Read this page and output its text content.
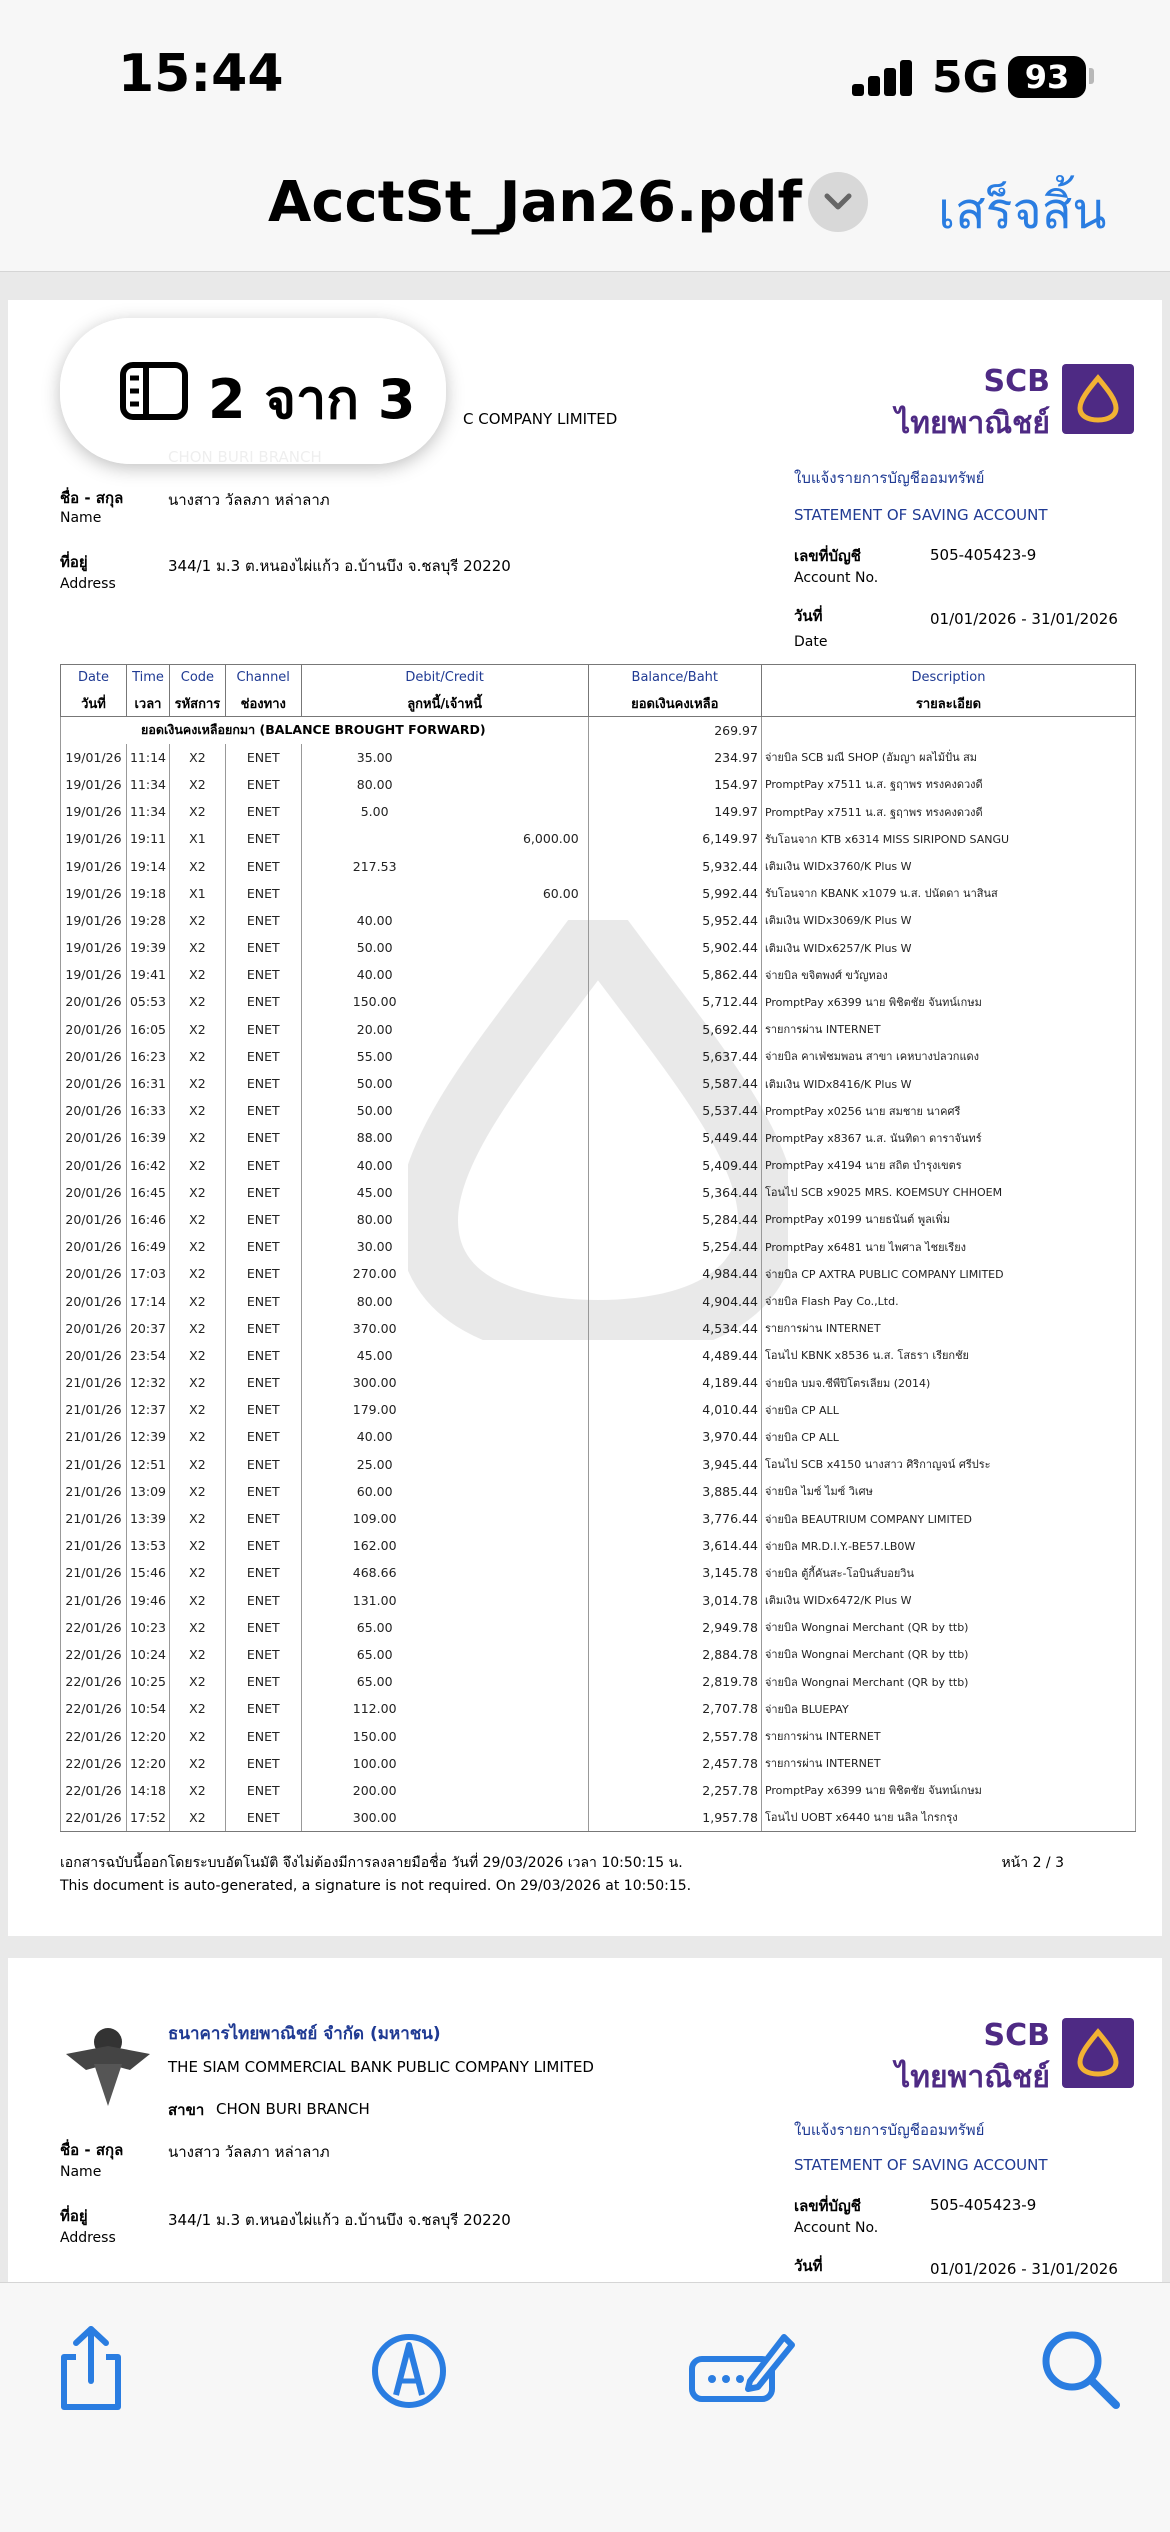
15:44	5G 93
AcctSt_Jan26.pdf	เสร็จสิ้น
C COMPANY LIMITED
SCB
ไทยพาณิชย์
ชื่อ - สกุล
Name
นางสาว วัลลภา หล่าลาภ
ที่อยู่
Address
344/1 ม.3 ต.หนองไผ่แก้ว อ.บ้านบึง จ.ชลบุรี 20220
ใบแจ้งรายการบัญชีออมทรัพย์
STATEMENT OF SAVING ACCOUNT
เลขที่บัญชี
Account No.
505-405423-9
วันที่
Date
01/01/2026 - 31/01/2026
Date	Time	Code	Channel	Debit/Credit	Balance/Baht	Description
วันที่	เวลา	รหัสการ	ช่องทาง	ลูกหนี้/เจ้าหนี้	ยอดเงินคงเหลือ	รายละเอียด
ยอดเงินคงเหลือยกมา (BALANCE BROUGHT FORWARD)					269.97	
19/01/26	11:14	X2	ENET	35.00	234.97	จ่ายบิล SCB มณี SHOP (อัมญา ผลไม้ปั่น สม
19/01/26	11:34	X2	ENET	80.00	154.97	PromptPay x7511 น.ส. ฐฤาพร ทรงคงดวงดี
19/01/26	11:34	X2	ENET	5.00	149.97	PromptPay x7511 น.ส. ฐฤาพร ทรงคงดวงดี
19/01/26	19:11	X1	ENET	6,000.00	6,149.97	รับโอนจาก KTB x6314 MISS SIRIPOND SANGU
19/01/26	19:14	X2	ENET	217.53	5,932.44	เติมเงิน WIDx3760/K Plus W
19/01/26	19:18	X1	ENET	60.00	5,992.44	รับโอนจาก KBANK x1079 น.ส. ปนัดดา นาสินส
19/01/26	19:28	X2	ENET	40.00	5,952.44	เติมเงิน WIDx3069/K Plus W
19/01/26	19:39	X2	ENET	50.00	5,902.44	เติมเงิน WIDx6257/K Plus W
19/01/26	19:41	X2	ENET	40.00	5,862.44	จ่ายบิล ขจิตพงศ์ ขวัญทอง
20/01/26	05:53	X2	ENET	150.00	5,712.44	PromptPay x6399 นาย พิชิตชัย จันทน์เกษม
20/01/26	16:05	X2	ENET	20.00	5,692.44	รายการผ่าน INTERNET
20/01/26	16:23	X2	ENET	55.00	5,637.44	จ่ายบิล คาเฟ่ชมพอน สาขา เคหบางปลวกแดง
20/01/26	16:31	X2	ENET	50.00	5,587.44	เติมเงิน WIDx8416/K Plus W
20/01/26	16:33	X2	ENET	50.00	5,537.44	PromptPay x0256 นาย สมชาย นาคศรี
20/01/26	16:39	X2	ENET	88.00	5,449.44	PromptPay x8367 น.ส. นันทิดา ดาราจันทร์
20/01/26	16:42	X2	ENET	40.00	5,409.44	PromptPay x4194 นาย สถิต บำรุงเขตร
20/01/26	16:45	X2	ENET	45.00	5,364.44	โอนไป SCB x9025 MRS. KOEMSUY CHHOEM
20/01/26	16:46	X2	ENET	80.00	5,284.44	PromptPay x0199 นายธนันต์ พูลเพิ่ม
20/01/26	16:49	X2	ENET	30.00	5,254.44	PromptPay x6481 นาย ไพศาล ไชยเรียง
20/01/26	17:03	X2	ENET	270.00	4,984.44	จ่ายบิล CP AXTRA PUBLIC COMPANY LIMITED
20/01/26	17:14	X2	ENET	80.00	4,904.44	จ่ายบิล Flash Pay Co.,Ltd.
20/01/26	20:37	X2	ENET	370.00	4,534.44	รายการผ่าน INTERNET
20/01/26	23:54	X2	ENET	45.00	4,489.44	โอนไป KBNK x8536 น.ส. โสธรา เรียกชัย
21/01/26	12:32	X2	ENET	300.00	4,189.44	จ่ายบิล บมจ.ซีพีปิโตรเลียม (2014)
21/01/26	12:37	X2	ENET	179.00	4,010.44	จ่ายบิล CP ALL
21/01/26	12:39	X2	ENET	40.00	3,970.44	จ่ายบิล CP ALL
21/01/26	12:51	X2	ENET	25.00	3,945.44	โอนไป SCB x4150 นางสาว ศิริกาญจน์ ศรีประ
21/01/26	13:09	X2	ENET	60.00	3,885.44	จ่ายบิล ไมซ์ ไมซ์ วิเศษ
21/01/26	13:39	X2	ENET	109.00	3,776.44	จ่ายบิล BEAUTRIUM COMPANY LIMITED
21/01/26	13:53	X2	ENET	162.00	3,614.44	จ่ายบิล MR.D.I.Y.-BE57.LB0W
21/01/26	15:46	X2	ENET	468.66	3,145.78	จ่ายบิล ตู้กี้คันสะ-โอบินส์บอยวิน
21/01/26	19:46	X2	ENET	131.00	3,014.78	เติมเงิน WIDx6472/K Plus W
22/01/26	10:23	X2	ENET	65.00	2,949.78	จ่ายบิล Wongnai Merchant (QR by ttb)
22/01/26	10:24	X2	ENET	65.00	2,884.78	จ่ายบิล Wongnai Merchant (QR by ttb)
22/01/26	10:25	X2	ENET	65.00	2,819.78	จ่ายบิล Wongnai Merchant (QR by ttb)
22/01/26	10:54	X2	ENET	112.00	2,707.78	จ่ายบิล BLUEPAY
22/01/26	12:20	X2	ENET	150.00	2,557.78	รายการผ่าน INTERNET
22/01/26	12:20	X2	ENET	100.00	2,457.78	รายการผ่าน INTERNET
22/01/26	14:18	X2	ENET	200.00	2,257.78	PromptPay x6399 นาย พิชิตชัย จันทน์เกษม
22/01/26	17:52	X2	ENET	300.00	1,957.78	โอนไป UOBT x6440 นาย นลิล ไกรกรุง
เอกสารฉบับนี้ออกโดยระบบอัตโนมัติ จึงไม่ต้องมีการลงลายมือชื่อ วันที่ 29/03/2026 เวลา 10:50:15 น.
This document is auto-generated, a signature is not required. On 29/03/2026 at 10:50:15.
หน้า 2 / 3
ธนาคารไทยพาณิชย์ จำกัด (มหาชน)
THE SIAM COMMERCIAL BANK PUBLIC COMPANY LIMITED
สาขา CHON BURI BRANCH
SCB
ไทยพาณิชย์
ชื่อ - สกุล
Name
นางสาว วัลลภา หล่าลาภ
ที่อยู่
Address
344/1 ม.3 ต.หนองไผ่แก้ว อ.บ้านบึง จ.ชลบุรี 20220
ใบแจ้งรายการบัญชีออมทรัพย์
STATEMENT OF SAVING ACCOUNT
เลขที่บัญชี
Account No.
505-405423-9
วันที่	01/01/2026 - 31/01/2026
2 จาก 3
